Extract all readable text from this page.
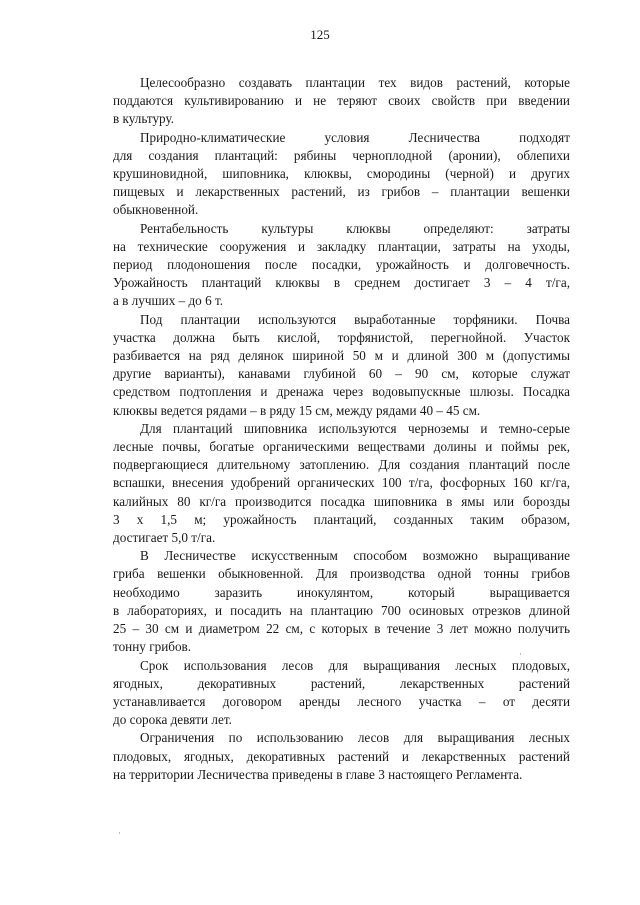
125
Целесообразно создавать плантации тех видов растений, которые
поддаются культивированию и не теряют своих свойств при введении
в культуру.
Природно-климатические условия Лесничества подходят
для создания плантаций: рябины черноплодной (аронии), облепихи
крушиновидной, шиповника, клюквы, смородины (черной) и других
пищевых и лекарственных растений, из грибов – плантации вешенки
обыкновенной.
Рентабельность культуры клюквы определяют: затраты
на технические сооружения и закладку плантации, затраты на уходы,
период плодоношения после посадки, урожайность и долговечность.
Урожайность плантаций клюквы в среднем достигает 3 – 4 т/га,
а в лучших – до 6 т.
Под плантации используются выработанные торфяники. Почва
участка должна быть кислой, торфянистой, перегнойной. Участок
разбивается на ряд делянок шириной 50 м и длиной 300 м (допустимы
другие варианты), канавами глубиной 60 – 90 см, которые служат
средством подтопления и дренажа через водовыпускные шлюзы. Посадка
клюквы ведется рядами – в ряду 15 см, между рядами 40 – 45 см.
Для плантаций шиповника используются черноземы и темно-серые
лесные почвы, богатые органическими веществами долины и поймы рек,
подвергающиеся длительному затоплению. Для создания плантаций после
вспашки, внесения удобрений органических 100 т/га, фосфорных 160 кг/га,
калийных 80 кг/га производится посадка шиповника в ямы или борозды
3 х 1,5 м; урожайность плантаций, созданных таким образом,
достигает 5,0 т/га.
В Лесничестве искусственным способом возможно выращивание
гриба вешенки обыкновенной. Для производства одной тонны грибов
необходимо заразить инокулянтом, который выращивается
в лабораториях, и посадить на плантацию 700 осиновых отрезков длиной
25 – 30 см и диаметром 22 см, с которых в течение 3 лет можно получить
тонну грибов.
Срок использования лесов для выращивания лесных плодовых,
ягодных, декоративных растений, лекарственных растений
устанавливается договором аренды лесного участка – от десяти
до сорока девяти лет.
Ограничения по использованию лесов для выращивания лесных
плодовых, ягодных, декоративных растений и лекарственных растений
на территории Лесничества приведены в главе 3 настоящего Регламента.
·
·
